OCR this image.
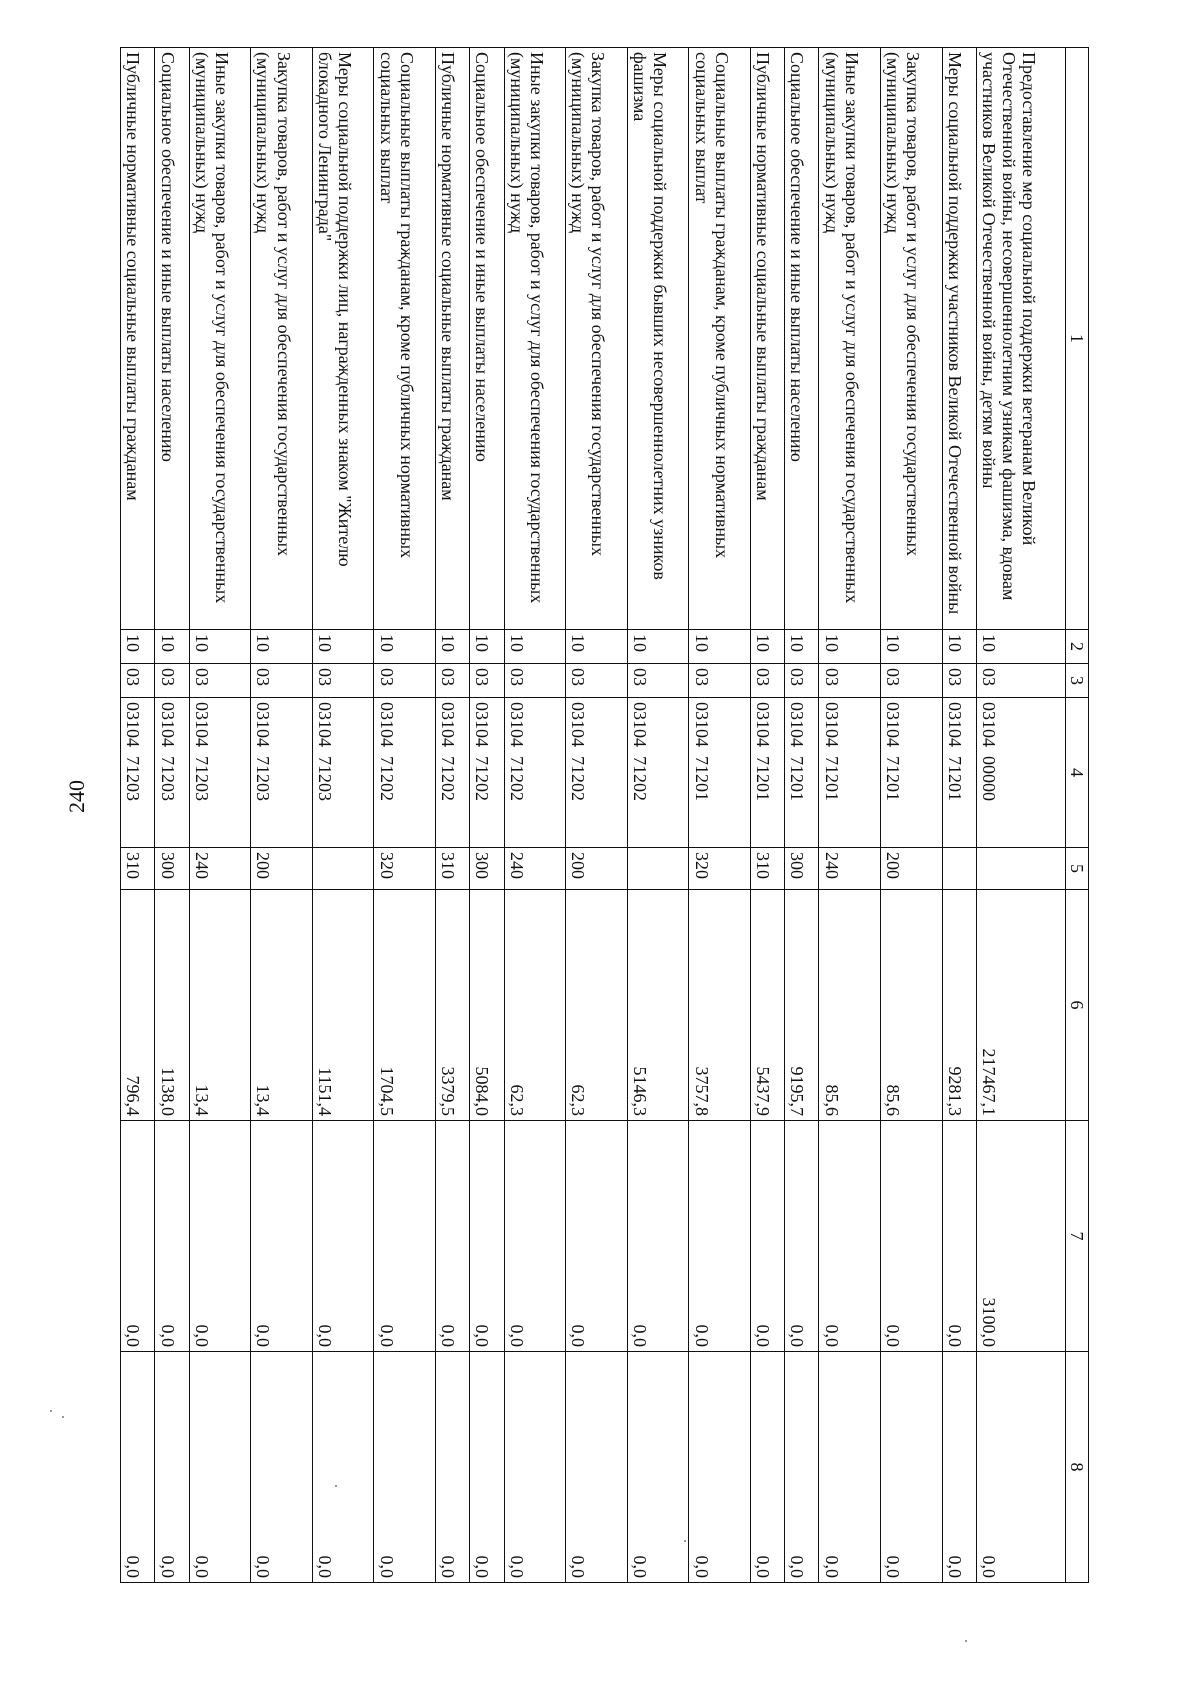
240
1	2	3	4	5	6	7	8
Предоставление мер социальной поддержки ветеранам Великой Отечественной войны, несовершеннолетним узникам фашизма, вдовам участников Великой Отечественной войны, детям войны	10	03	03104  00000		217467,1	3100,0	0,0
Меры социальной поддержки участников Великой Отечественной войны	10	03	03104  71201		9281,3	0,0	0,0
Закупка товаров, работ и услуг для обеспечения государственных (муниципальных) нужд	10	03	03104  71201	200	85,6	0,0	0,0
Иные закупки товаров, работ и услуг для обеспечения государственных (муниципальных) нужд	10	03	03104  71201	240	85,6	0,0	0,0
Социальное обеспечение и иные выплаты населению	10	03	03104  71201	300	9195,7	0,0	0,0
Публичные нормативные социальные выплаты гражданам	10	03	03104  71201	310	5437,9	0,0	0,0
Социальные выплаты гражданам, кроме публичных нормативных социальных выплат	10	03	03104  71201	320	3757,8	0,0	0,0
Меры социальной поддержки бывших несовершеннолетних узников фашизма	10	03	03104  71202		5146,3	0,0	0,0
Закупка товаров, работ и услуг для обеспечения государственных (муниципальных) нужд	10	03	03104  71202	200	62,3	0,0	0,0
Иные закупки товаров, работ и услуг для обеспечения государственных (муниципальных) нужд	10	03	03104  71202	240	62,3	0,0	0,0
Социальное обеспечение и иные выплаты населению	10	03	03104  71202	300	5084,0	0,0	0,0
Публичные нормативные социальные выплаты гражданам	10	03	03104  71202	310	3379,5	0,0	0,0
Социальные выплаты гражданам, кроме публичных нормативных социальных выплат	10	03	03104  71202	320	1704,5	0,0	0,0
Меры социальной поддержки лиц, награжденных знаком "Жителю блокадного Ленинграда"	10	03	03104  71203		1151,4	0,0	0,0
Закупка товаров, работ и услуг для обеспечения государственных (муниципальных) нужд	10	03	03104  71203	200	13,4	0,0	0,0
Иные закупки товаров, работ и услуг для обеспечения государственных (муниципальных) нужд	10	03	03104  71203	240	13,4	0,0	0,0
Социальное обеспечение и иные выплаты населению	10	03	03104  71203	300	1138,0	0,0	0,0
Публичные нормативные социальные выплаты гражданам	10	03	03104  71203	310	796,4	0,0	0,0
